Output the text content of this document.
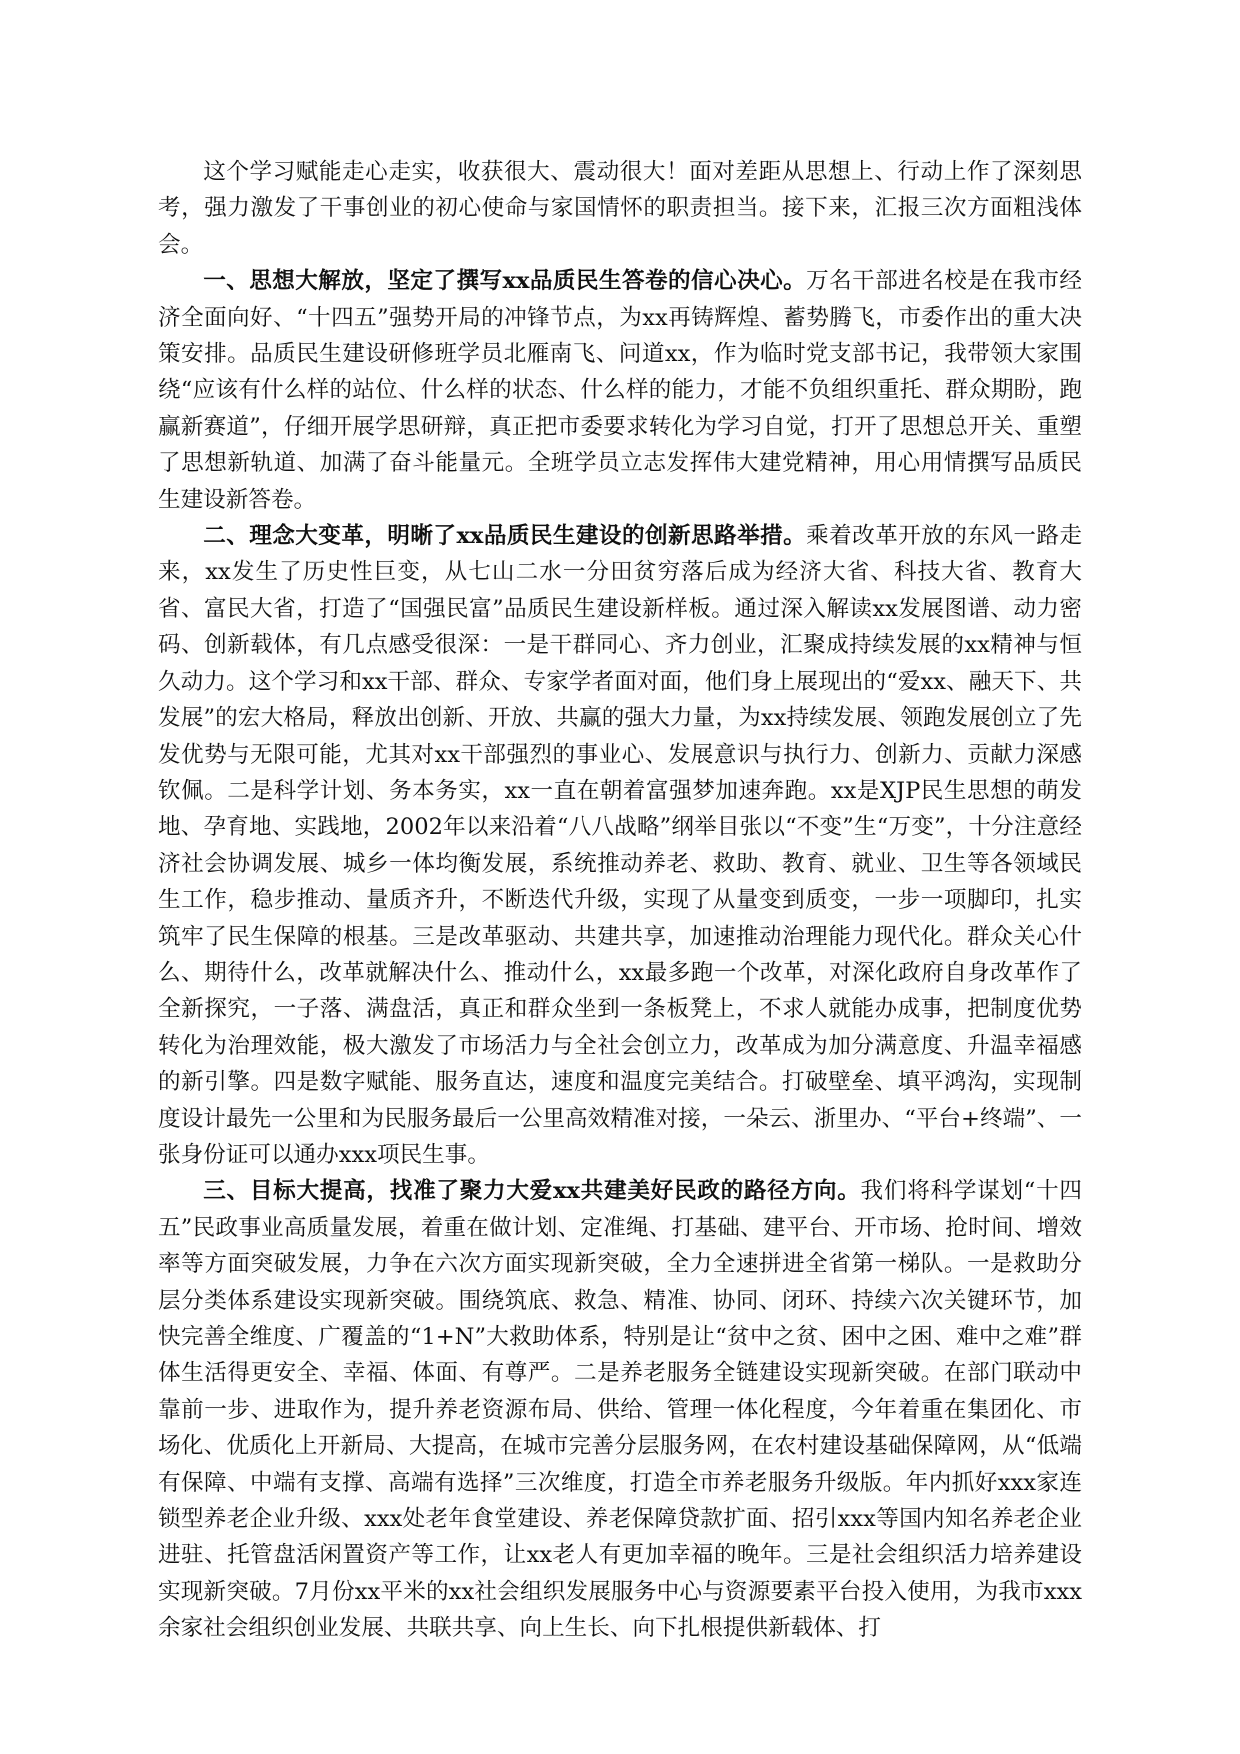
这个学习赋能走心走实，收获很大、震动很大！面对差距从思想上、行动上作了深刻思考，强力激发了干事创业的初心使命与家国情怀的职责担当。接下来，汇报三次方面粗浅体会。

一、思想大解放，坚定了撰写xx品质民生答卷的信心决心。万名干部进名校是在我市经济全面向好、“十四五”强势开局的冲锋节点，为xx再铸辉煌、蓄势腾飞，市委作出的重大决策安排。品质民生建设研修班学员北雁南飞、问道xx，作为临时党支部书记，我带领大家围绕“应该有什么样的站位、什么样的状态、什么样的能力，才能不负组织重托、群众期盼，跑赢新赛道”，仔细开展学思研辩，真正把市委要求转化为学习自觉，打开了思想总开关、重塑了思想新轨道、加满了奋斗能量元。全班学员立志发挥伟大建党精神，用心用情撰写品质民生建设新答卷。

二、理念大变革，明晰了xx品质民生建设的创新思路举措。乘着改革开放的东风一路走来，xx发生了历史性巨变，从七山二水一分田贫穷落后成为经济大省、科技大省、教育大省、富民大省，打造了“国强民富”品质民生建设新样板。通过深入解读xx发展图谱、动力密码、创新载体，有几点感受很深：一是干群同心、齐力创业，汇聚成持续发展的xx精神与恒久动力。这个学习和xx干部、群众、专家学者面对面，他们身上展现出的“爱xx、融天下、共发展”的宏大格局，释放出创新、开放、共赢的强大力量，为xx持续发展、领跑发展创立了先发优势与无限可能，尤其对xx干部强烈的事业心、发展意识与执行力、创新力、贡献力深感钦佩。二是科学计划、务本务实，xx一直在朝着富强梦加速奔跑。xx是XJP民生思想的萌发地、孕育地、实践地，2002年以来沿着“八八战略”纲举目张以“不变”生“万变”，十分注意经济社会协调发展、城乡一体均衡发展，系统推动养老、救助、教育、就业、卫生等各领域民生工作，稳步推动、量质齐升，不断迭代升级，实现了从量变到质变，一步一项脚印，扎实筑牢了民生保障的根基。三是改革驱动、共建共享，加速推动治理能力现代化。群众关心什么、期待什么，改革就解决什么、推动什么，xx最多跑一个改革，对深化政府自身改革作了全新探究，一子落、满盘活，真正和群众坐到一条板凳上，不求人就能办成事，把制度优势转化为治理效能，极大激发了市场活力与全社会创立力，改革成为加分满意度、升温幸福感的新引擎。四是数字赋能、服务直达，速度和温度完美结合。打破壁垒、填平鸿沟，实现制度设计最先一公里和为民服务最后一公里高效精准对接，一朵云、浙里办、“平台+终端”、一张身份证可以通办xxx项民生事。

三、目标大提高，找准了聚力大爱xx共建美好民政的路径方向。我们将科学谋划“十四五”民政事业高质量发展，着重在做计划、定准绳、打基础、建平台、开市场、抢时间、增效率等方面突破发展，力争在六次方面实现新突破，全力全速拼进全省第一梯队。一是救助分层分类体系建设实现新突破。围绕筑底、救急、精准、协同、闭环、持续六次关键环节，加快完善全维度、广覆盖的“1+N”大救助体系，特别是让“贫中之贫、困中之困、难中之难”群体生活得更安全、幸福、体面、有尊严。二是养老服务全链建设实现新突破。在部门联动中靠前一步、进取作为，提升养老资源布局、供给、管理一体化程度，今年着重在集团化、市场化、优质化上开新局、大提高，在城市完善分层服务网，在农村建设基础保障网，从“低端有保障、中端有支撑、高端有选择”三次维度，打造全市养老服务升级版。年内抓好xxx家连锁型养老企业升级、xxx处老年食堂建设、养老保障贷款扩面、招引xxx等国内知名养老企业进驻、托管盘活闲置资产等工作，让xx老人有更加幸福的晚年。三是社会组织活力培养建设实现新突破。7月份xx平米的xx社会组织发展服务中心与资源要素平台投入使用，为我市xxx余家社会组织创业发展、共联共享、向上生长、向下扎根提供新载体、打
